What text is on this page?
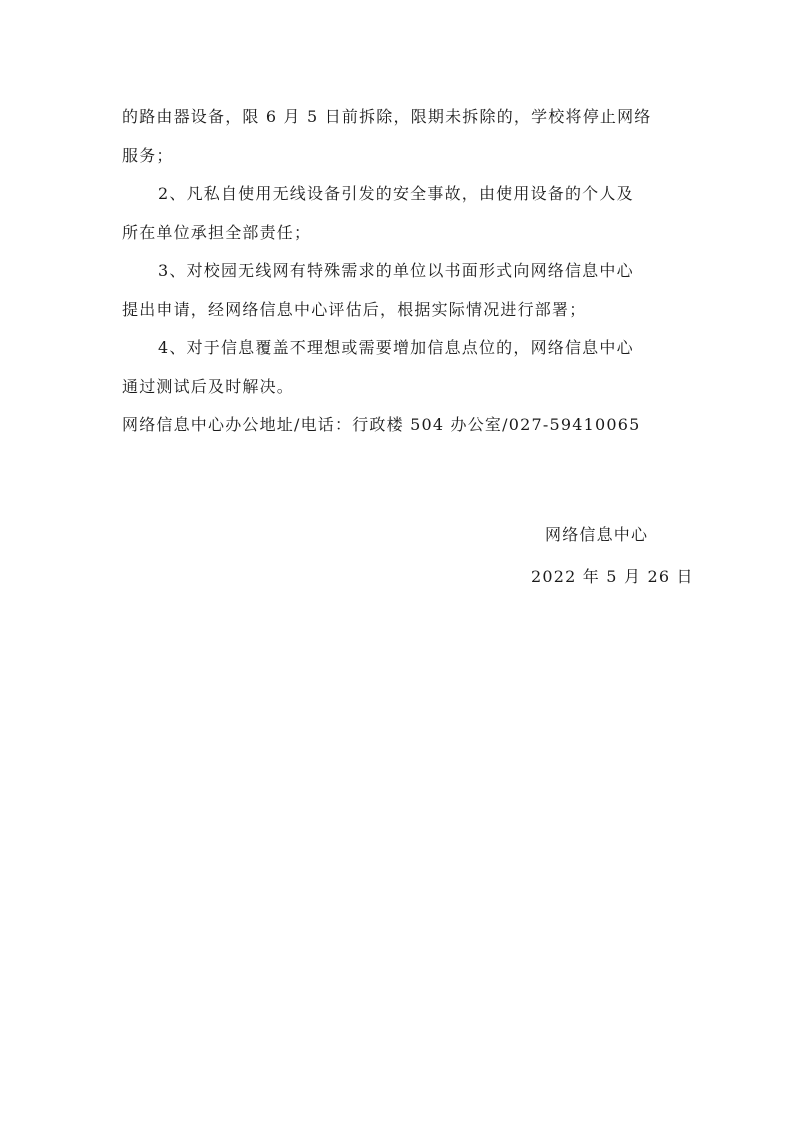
的路由器设备，限 6 月 5 日前拆除，限期未拆除的，学校将停止网络
服务；
2、凡私自使用无线设备引发的安全事故，由使用设备的个人及
所在单位承担全部责任；
3、对校园无线网有特殊需求的单位以书面形式向网络信息中心
提出申请，经网络信息中心评估后，根据实际情况进行部署；
4、对于信息覆盖不理想或需要增加信息点位的，网络信息中心
通过测试后及时解决。
网络信息中心办公地址/电话：行政楼 504 办公室/027-59410065
网络信息中心
2022 年 5 月 26 日
